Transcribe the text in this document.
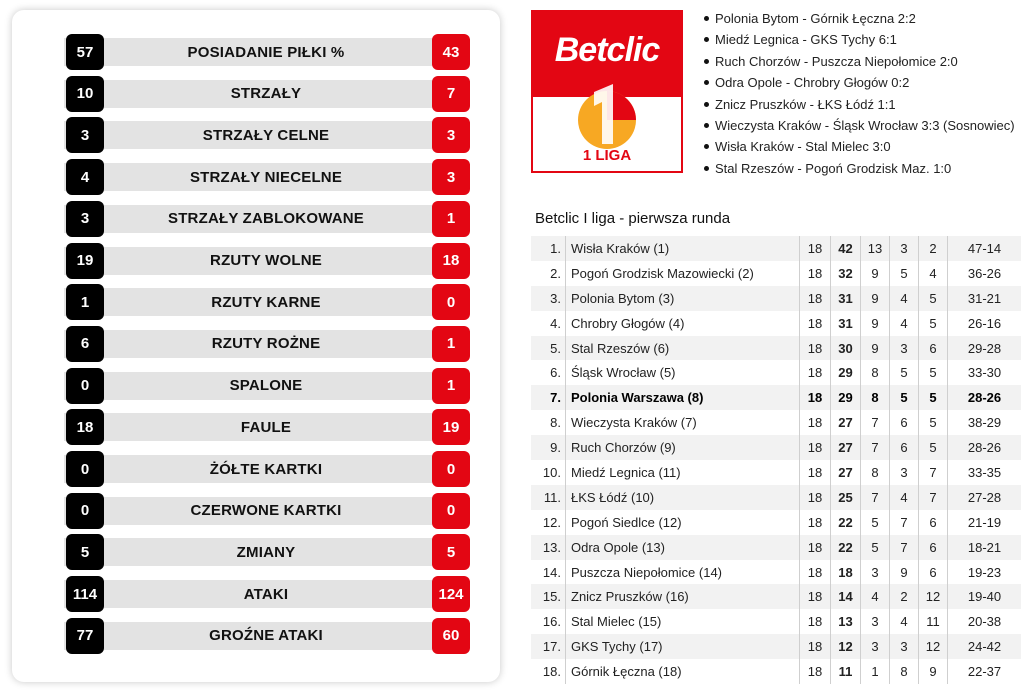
57	POSIADANIE PIŁKI %	43
10	STRZAŁY	7
3	STRZAŁY CELNE	3
4	STRZAŁY NIECELNE	3
3	STRZAŁY ZABLOKOWANE	1
19	RZUTY WOLNE	18
1	RZUTY KARNE	0
6	RZUTY ROŻNE	1
0	SPALONE	1
18	FAULE	19
0	ŻÓŁTE KARTKI	0
0	CZERWONE KARTKI	0
5	ZMIANY	5
114	ATAKI	124
77	GROŹNE ATAKI	60
Betclic
1 LIGA
Polonia Bytom - Górnik Łęczna 2:2
Miedź Legnica - GKS Tychy 6:1
Ruch Chorzów - Puszcza Niepołomice 2:0
Odra Opole - Chrobry Głogów 0:2
Znicz Pruszków - ŁKS Łódź 1:1
Wieczysta Kraków - Śląsk Wrocław 3:3 (Sosnowiec)
Wisła Kraków - Stal Mielec 3:0
Stal Rzeszów - Pogoń Grodzisk Maz. 1:0
Betclic I liga - pierwsza runda
1.	Wisła Kraków (1)	18	42	13	3	2	47-14
2.	Pogoń Grodzisk Mazowiecki (2)	18	32	9	5	4	36-26
3.	Polonia Bytom (3)	18	31	9	4	5	31-21
4.	Chrobry Głogów (4)	18	31	9	4	5	26-16
5.	Stal Rzeszów (6)	18	30	9	3	6	29-28
6.	Śląsk Wrocław (5)	18	29	8	5	5	33-30
7.	Polonia Warszawa (8)	18	29	8	5	5	28-26
8.	Wieczysta Kraków (7)	18	27	7	6	5	38-29
9.	Ruch Chorzów (9)	18	27	7	6	5	28-26
10.	Miedź Legnica (11)	18	27	8	3	7	33-35
11.	ŁKS Łódź (10)	18	25	7	4	7	27-28
12.	Pogoń Siedlce (12)	18	22	5	7	6	21-19
13.	Odra Opole (13)	18	22	5	7	6	18-21
14.	Puszcza Niepołomice (14)	18	18	3	9	6	19-23
15.	Znicz Pruszków (16)	18	14	4	2	12	19-40
16.	Stal Mielec (15)	18	13	3	4	11	20-38
17.	GKS Tychy (17)	18	12	3	3	12	24-42
18.	Górnik Łęczna (18)	18	11	1	8	9	22-37
